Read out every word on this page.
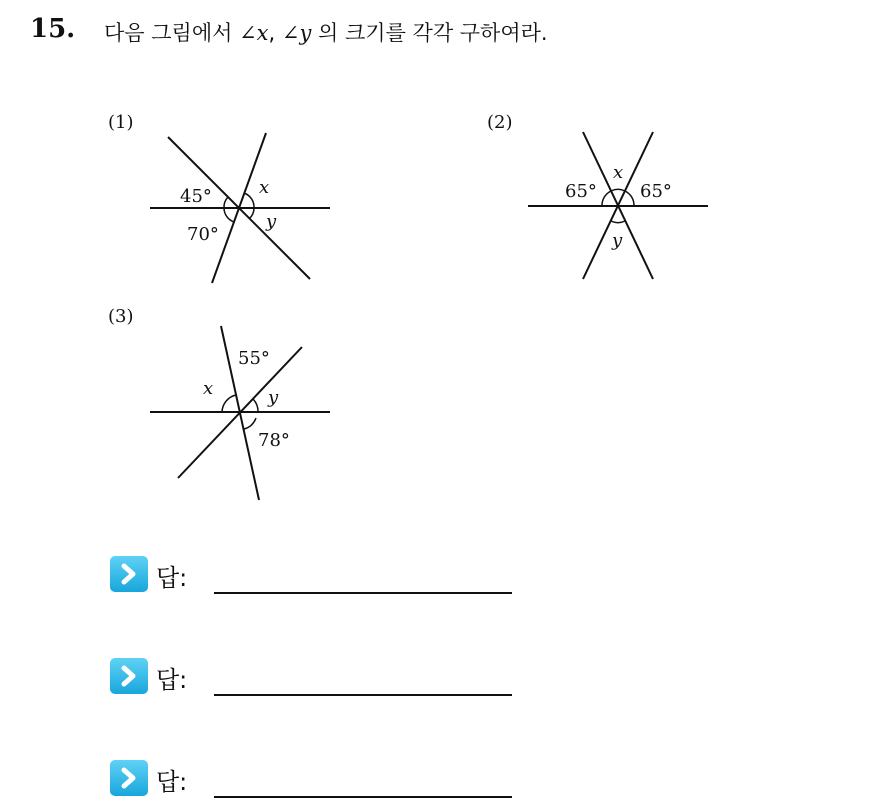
15. 다음 그림에서 ∠x, ∠y 의 크기를 각각 구하여라.
(1)
45°
70°
x
y
(2)
65° 65°
x
y
(3)
55°
78°
x	y
답:
답:
답:
